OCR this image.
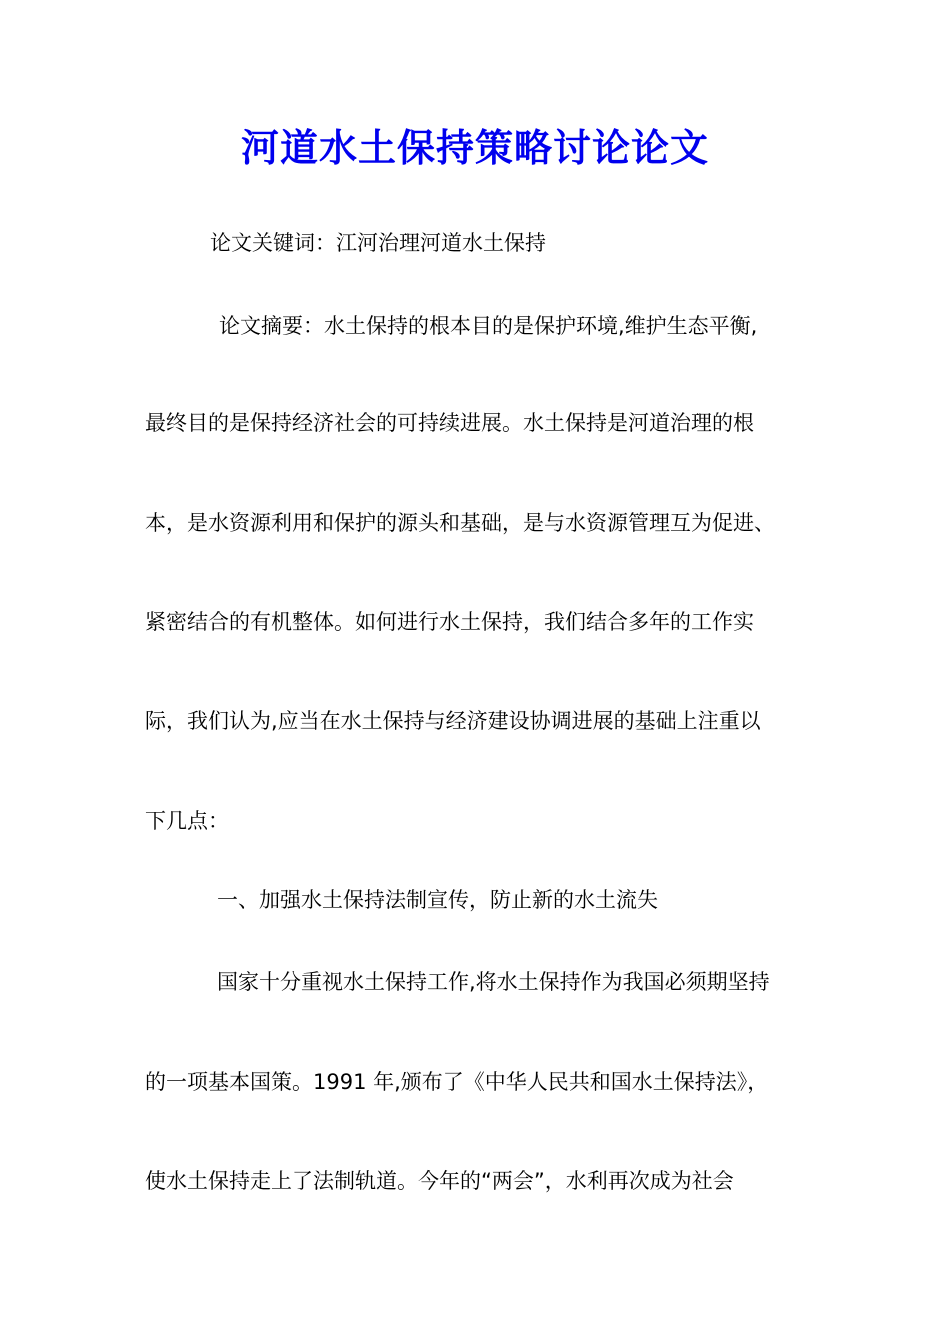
河道水土保持策略讨论论文
论文关键词：江河治理河道水土保持
论文摘要：水土保持的根本目的是保护环境,维护生态平衡,
最终目的是保持经济社会的可持续进展。水土保持是河道治理的根
本，是水资源利用和保护的源头和基础，是与水资源管理互为促进、
紧密结合的有机整体。如何进行水土保持，我们结合多年的工作实
际，我们认为,应当在水土保持与经济建设协调进展的基础上注重以
下几点：
一、加强水土保持法制宣传，防止新的水土流失
国家十分重视水土保持工作,将水土保持作为我国必须期坚持
的一项基本国策。1991 年,颁布了《中华人民共和国水土保持法》，
使水土保持走上了法制轨道。今年的“两会”，水利再次成为社会
